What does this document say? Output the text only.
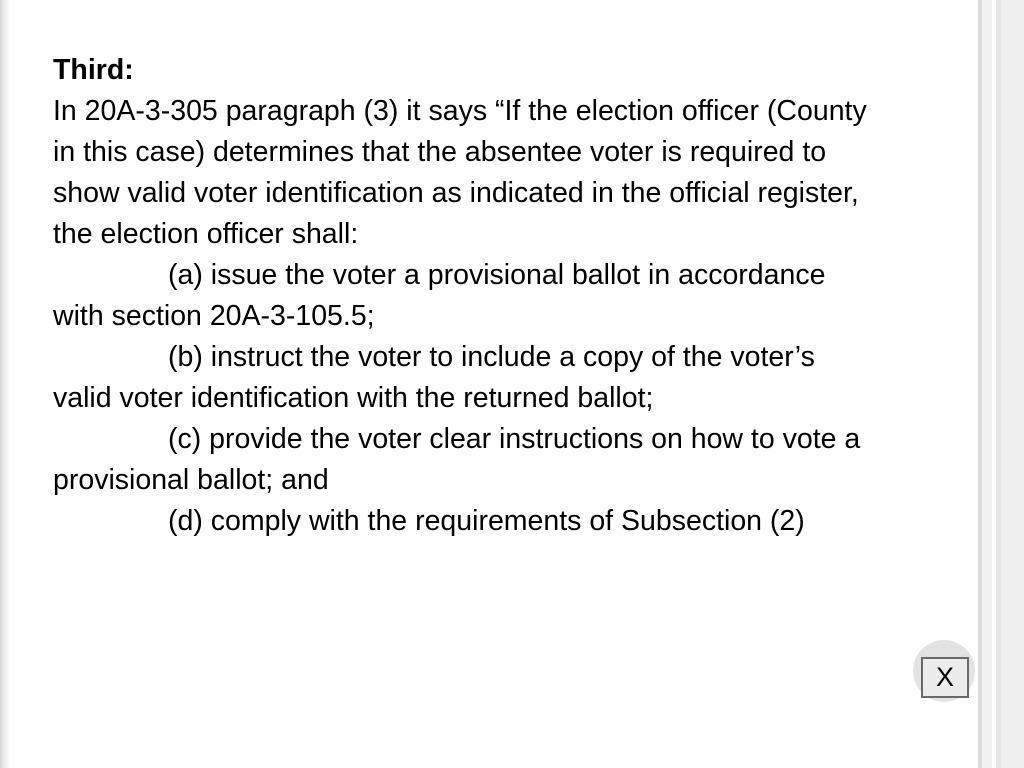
Third:

In 20A-3-305 paragraph (3) it says “If the election officer (County in this case) determines that the absentee voter is required to show valid voter identification as indicated in the official register, the election officer shall:

(a) issue the voter a provisional ballot in accordance with section 20A-3-105.5;

(b) instruct the voter to include a copy of the voter’s valid voter identification with the returned ballot;

(c) provide the voter clear instructions on how to vote a provisional ballot; and

(d) comply with the requirements of Subsection (2)

X
